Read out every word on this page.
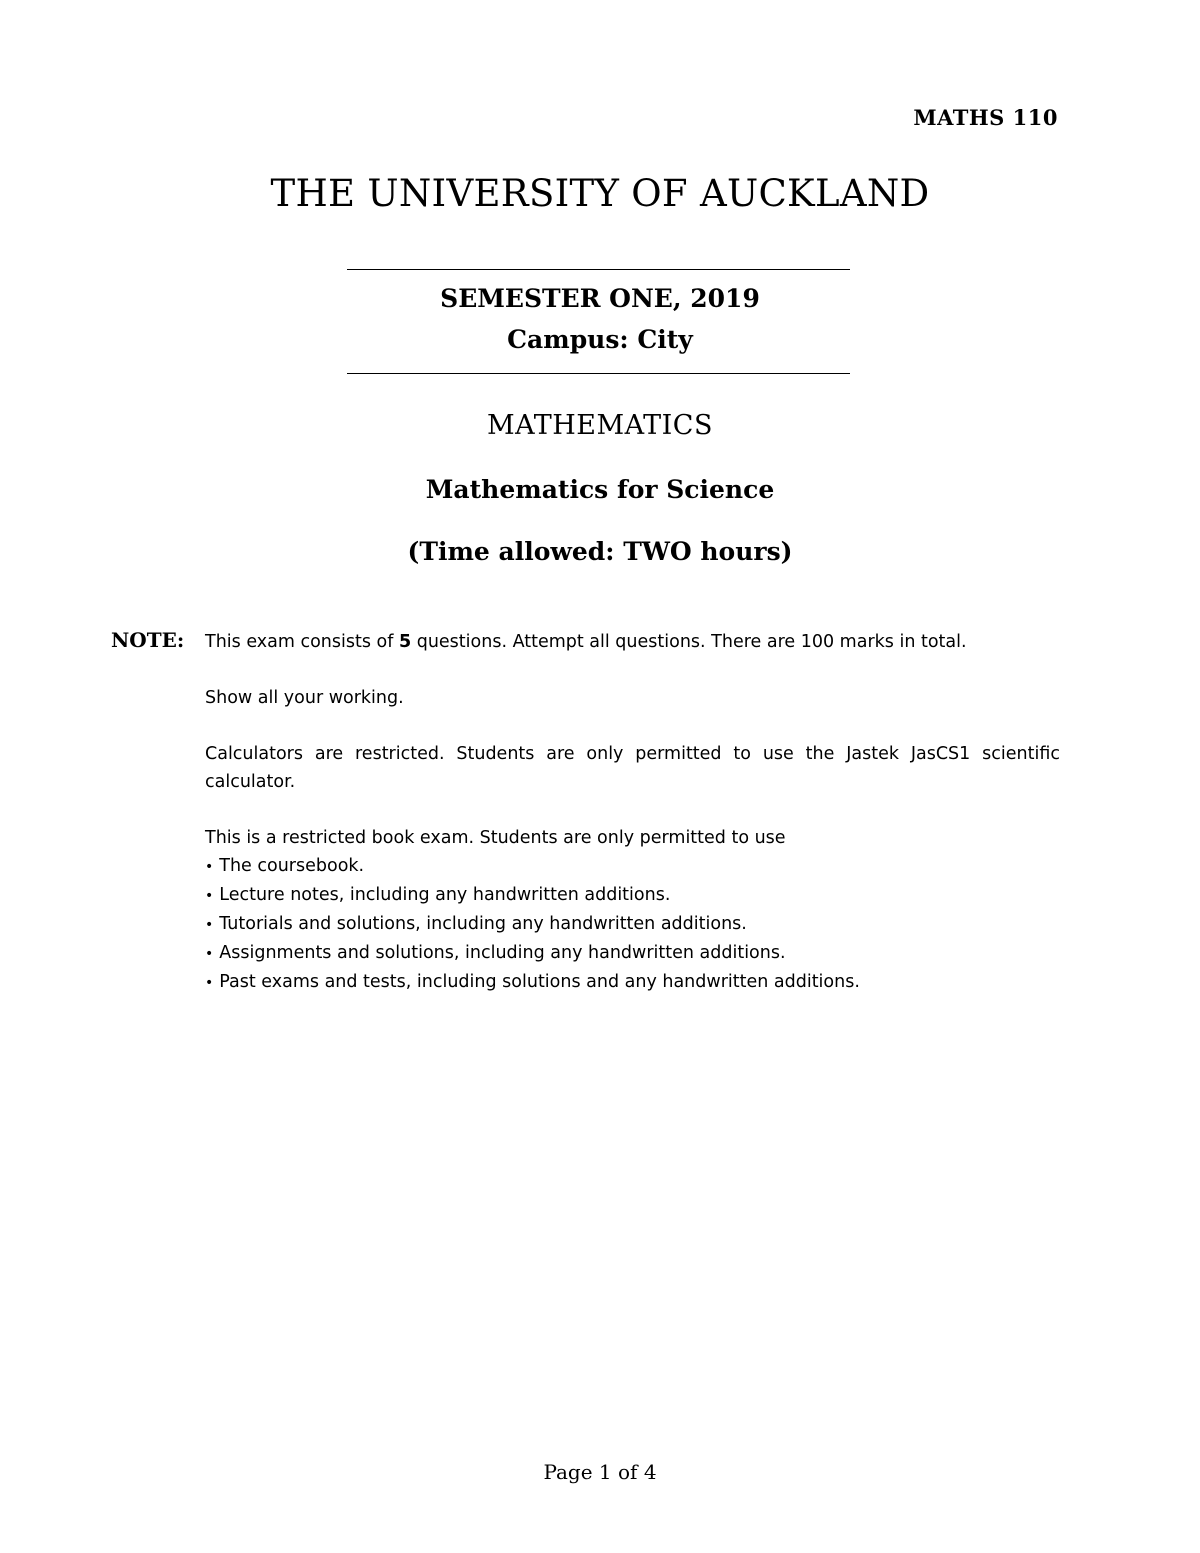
MATHS 110
THE UNIVERSITY OF AUCKLAND
SEMESTER ONE, 2019
Campus: City
MATHEMATICS
Mathematics for Science
(Time allowed: TWO hours)
NOTE: This exam consists of 5 questions. Attempt all questions. There are 100 marks in total.

Show all your working.

Calculators are restricted. Students are only permitted to use the Jastek JasCS1 scientific calculator.

This is a restricted book exam. Students are only permitted to use
• The coursebook.
• Lecture notes, including any handwritten additions.
• Tutorials and solutions, including any handwritten additions.
• Assignments and solutions, including any handwritten additions.
• Past exams and tests, including solutions and any handwritten additions.
Page 1 of 4
